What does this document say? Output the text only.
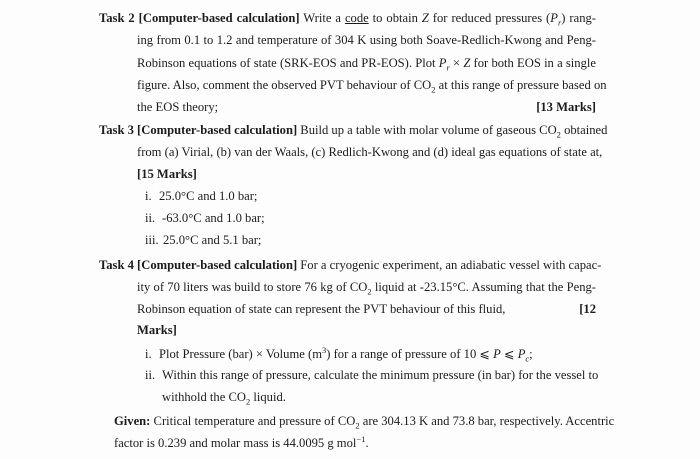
Task 2 [Computer-based calculation] Write a code to obtain Z for reduced pressures $(P_r)$ rang-
ing from 0.1 to 1.2 and temperature of 304 K using both Soave-Redlich-Kwong and Peng-
Robinson equations of state (SRK-EOS and PR-EOS). Plot $P_r \times Z$ for both EOS in a single
figure. Also, comment the observed PVT behaviour of $CO_2$ at this range of pressure based on
the EOS theory;	[13 Marks]
Task 3 [Computer-based calculation] Build up a table with molar volume of gaseous $CO_2$ obtained
from (a) Virial, (b) van der Waals, (c) Redlich-Kwong and (d) ideal gas equations of state at,
[15 Marks]
i. 25.0°C and 1.0 bar;
ii. -63.0°C and 1.0 bar;
iii. 25.0°C and 5.1 bar;
Task 4 [Computer-based calculation] For a cryogenic experiment, an adiabatic vessel with capac-
ity of 70 liters was build to store 76 kg of $CO_2$ liquid at -23.15°C. Assuming that the Peng-
Robinson equation of state can represent the PVT behaviour of this fluid,	[12
Marks]
i. Plot Pressure (bar) × Volume $(m^3)$ for a range of pressure of 10 ⩽ P ⩽ $P_c$;
ii. Within this range of pressure, calculate the minimum pressure (in bar) for the vessel to
withhold the $CO_2$ liquid.
Given: Critical temperature and pressure of $CO_2$ are 304.13 K and 73.8 bar, respectively. Accentric
factor is 0.239 and molar mass is 44.0095 g mol$^{-1}$.
